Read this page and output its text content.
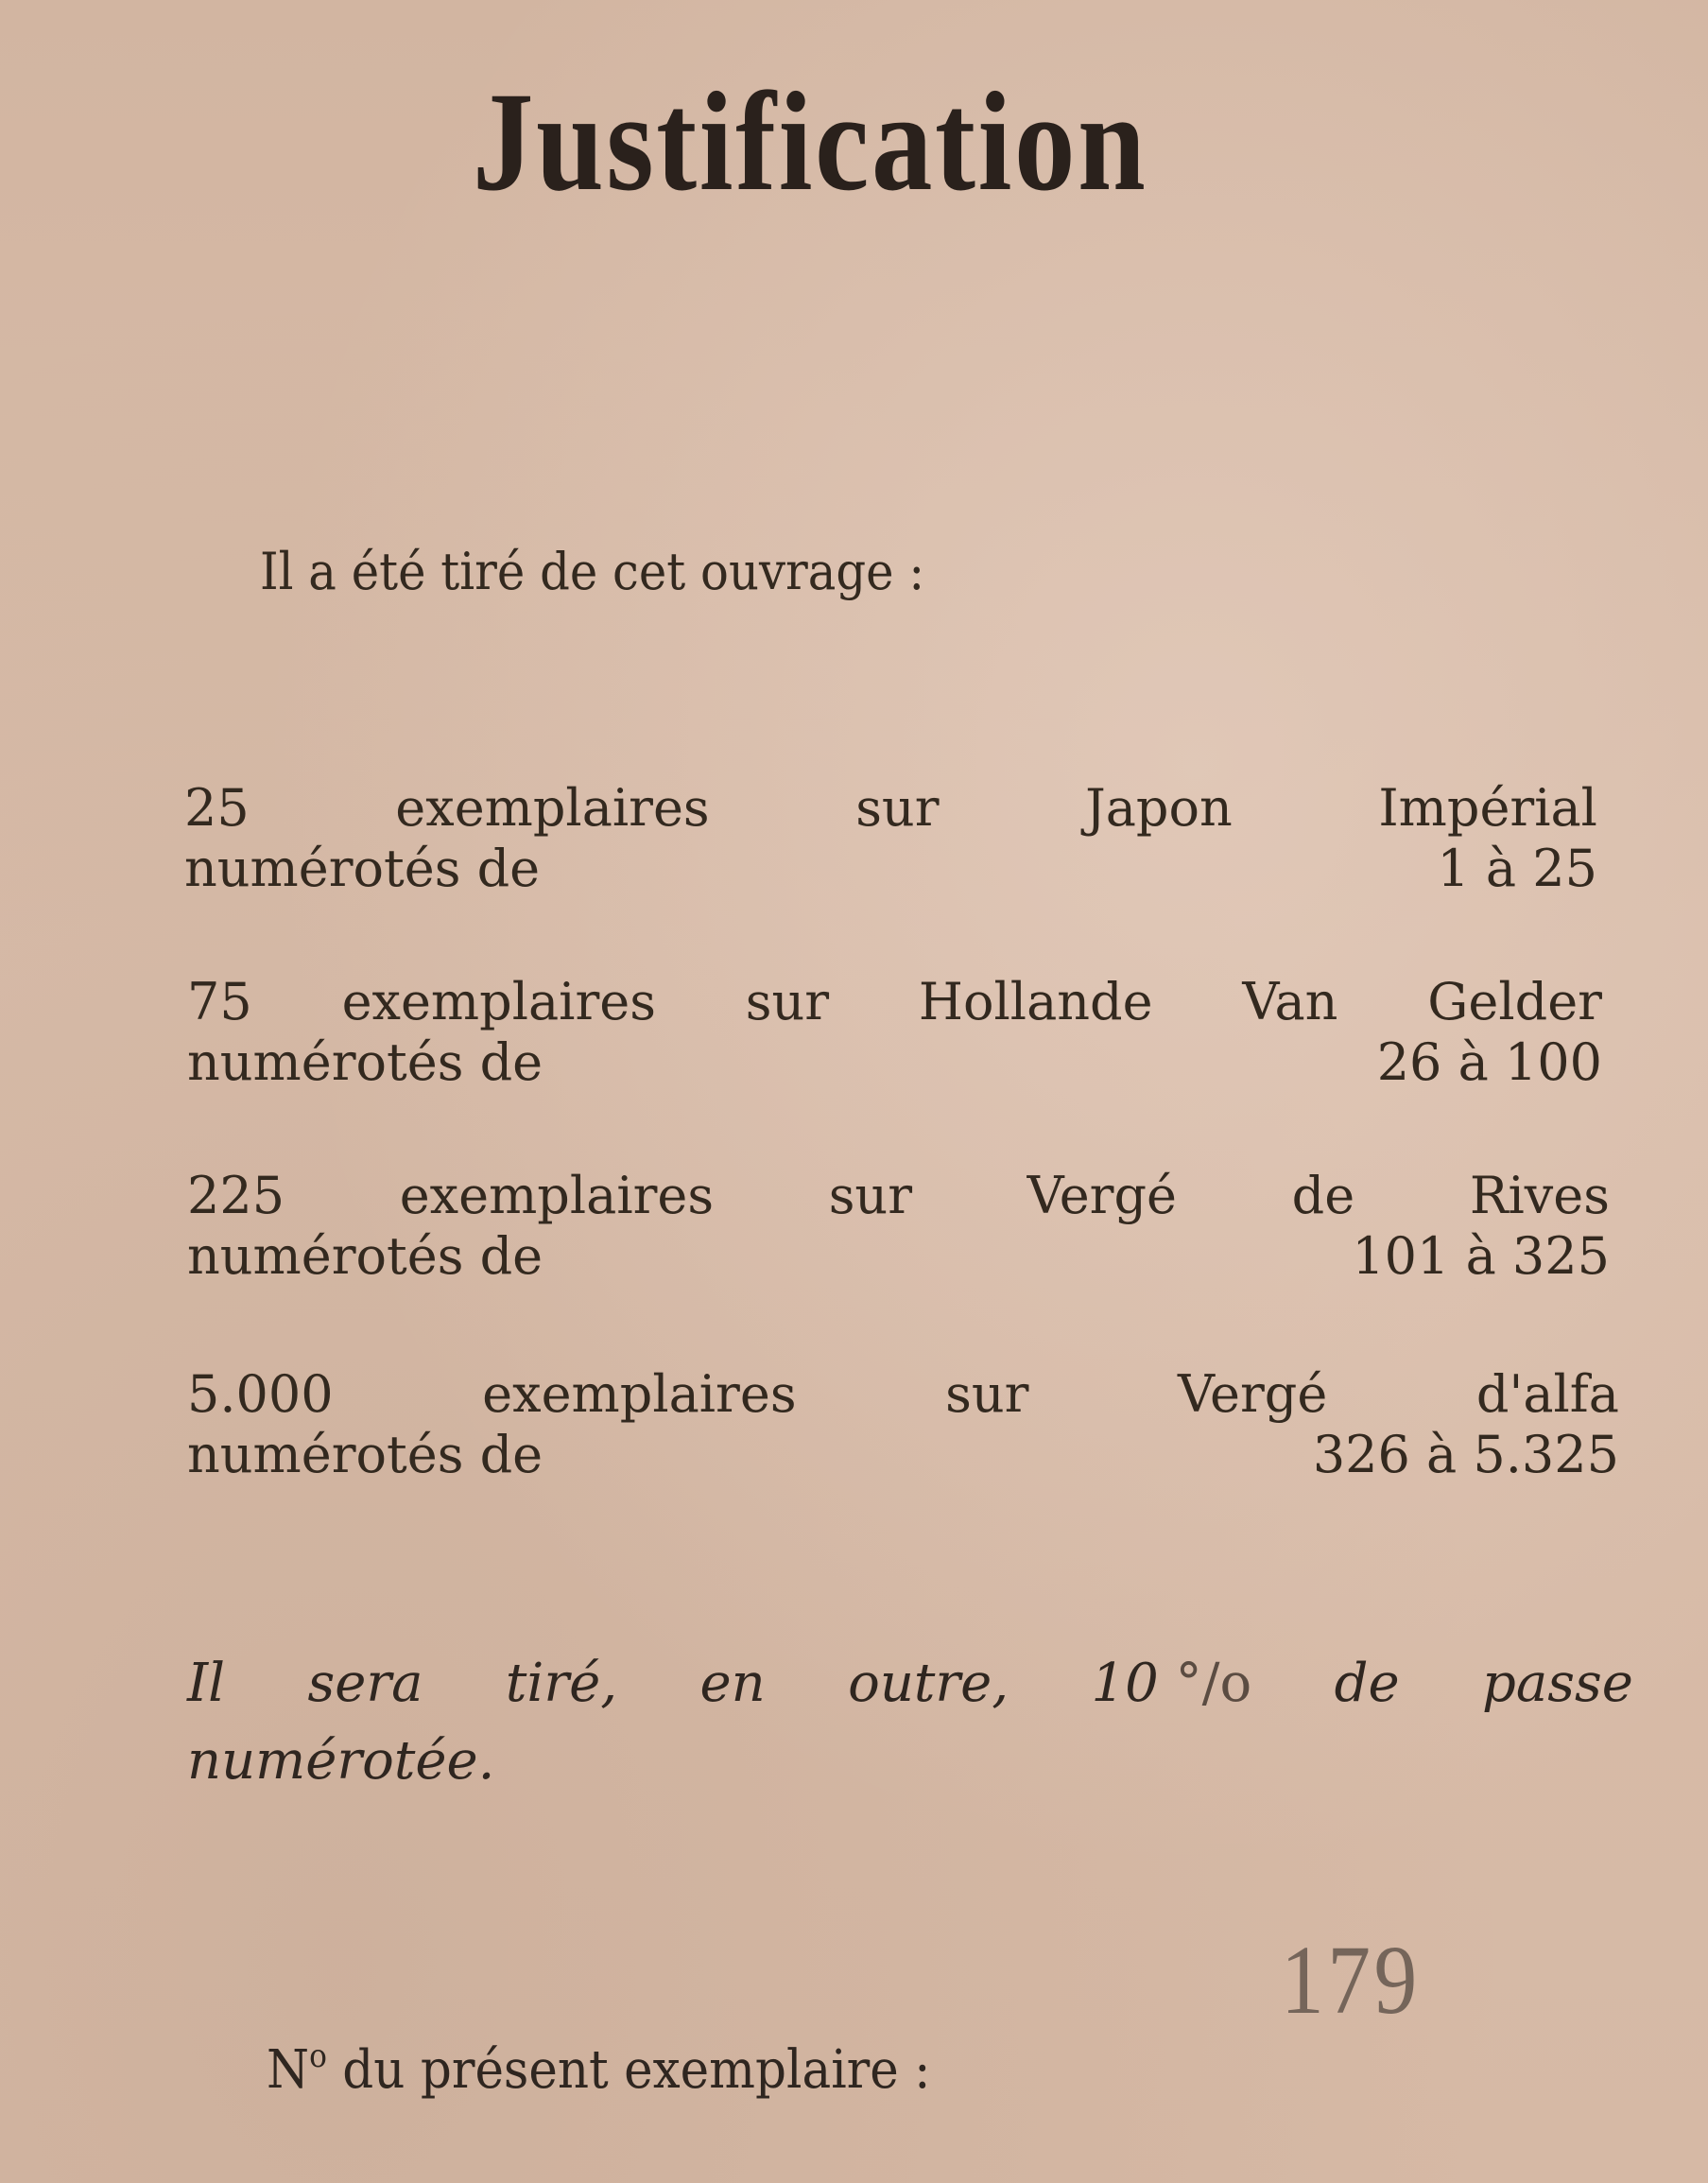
Justification
Il a été tiré de cet ouvrage :
25	exemplaires	sur	Japon	Impérial
numérotés de	1 à 25
75 exemplaires sur Hollande Van Gelder
numérotés de	26 à 100
225 exemplaires sur Vergé de Rives
numérotés de	101 à 325
5.000	exemplaires	sur	Vergé	d'alfa
numérotés de	326 à 5.325
Il sera tiré, en outre, 10 °/o de passe
numérotée.
$N^o$ du présent exemplaire :
179
